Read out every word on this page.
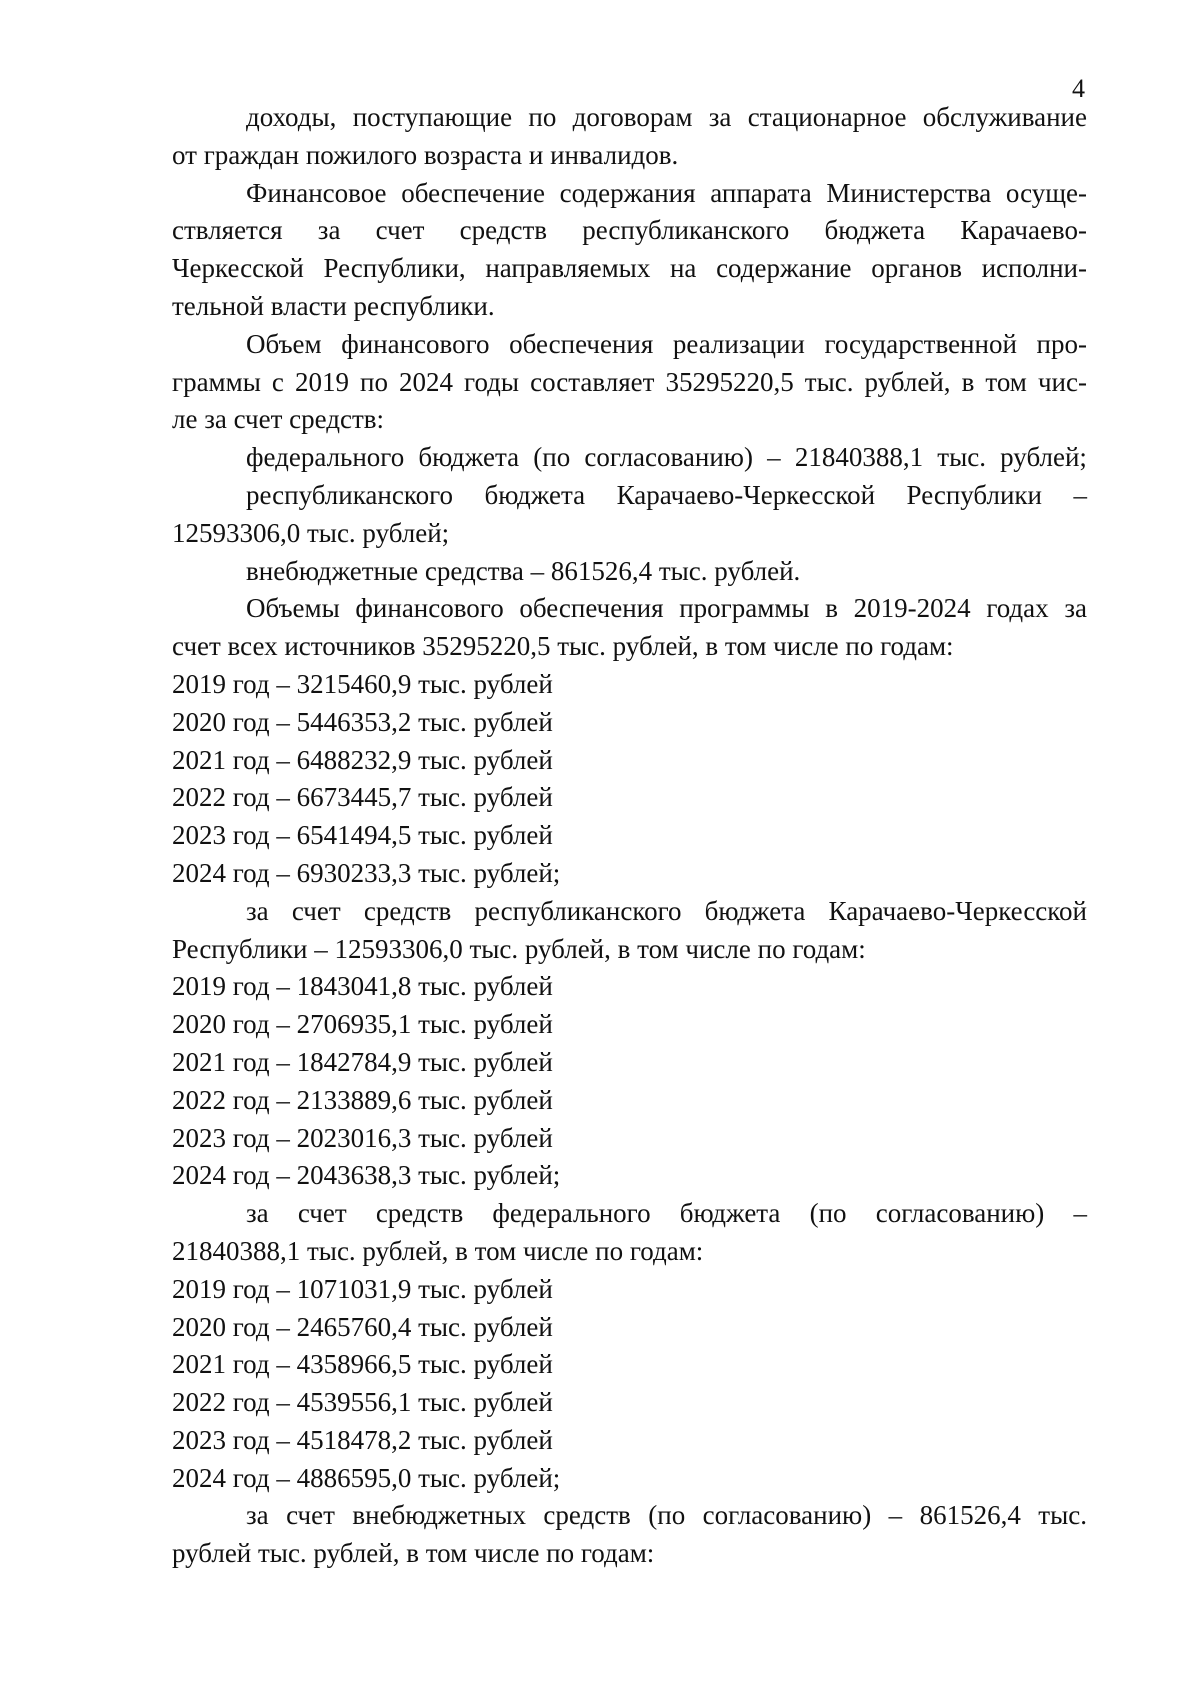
4
доходы, поступающие по договорам за стационарное обслуживание
от граждан пожилого возраста и инвалидов.
Финансовое обеспечение содержания аппарата Министерства осуще-
ствляется за счет средств республиканского бюджета Карачаево-
Черкесской Республики, направляемых на содержание органов исполни-
тельной власти республики.
Объем финансового обеспечения реализации государственной про-
граммы с 2019 по 2024 годы составляет 35295220,5 тыс. рублей, в том чис-
ле за счет средств:
федерального бюджета (по согласованию) – 21840388,1 тыс. рублей;
республиканского бюджета Карачаево-Черкесской Республики –
12593306,0 тыс. рублей;
внебюджетные средства – 861526,4 тыс. рублей.
Объемы финансового обеспечения программы в 2019-2024 годах за
счет всех источников 35295220,5 тыс. рублей, в том числе по годам:
2019 год – 3215460,9 тыс. рублей
2020 год – 5446353,2 тыс. рублей
2021 год – 6488232,9 тыс. рублей
2022 год – 6673445,7 тыс. рублей
2023 год – 6541494,5 тыс. рублей
2024 год – 6930233,3 тыс. рублей;
за счет средств республиканского бюджета Карачаево-Черкесской
Республики – 12593306,0 тыс. рублей, в том числе по годам:
2019 год – 1843041,8 тыс. рублей
2020 год – 2706935,1 тыс. рублей
2021 год – 1842784,9 тыс. рублей
2022 год – 2133889,6 тыс. рублей
2023 год – 2023016,3 тыс. рублей
2024 год – 2043638,3 тыс. рублей;
за счет средств федерального бюджета (по согласованию) –
21840388,1 тыс. рублей, в том числе по годам:
2019 год – 1071031,9 тыс. рублей
2020 год – 2465760,4 тыс. рублей
2021 год – 4358966,5 тыс. рублей
2022 год – 4539556,1 тыс. рублей
2023 год – 4518478,2 тыс. рублей
2024 год – 4886595,0 тыс. рублей;
за счет внебюджетных средств (по согласованию) – 861526,4 тыс.
рублей тыс. рублей, в том числе по годам:
